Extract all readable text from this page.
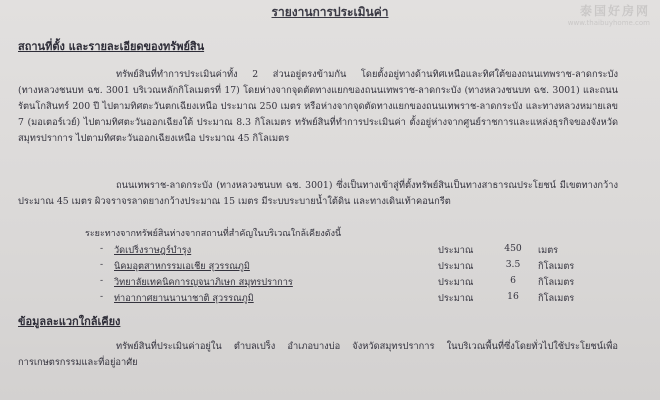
泰国好房网
www.thaibuyhome.com
รายงานการประเมินค่า
สถานที่ตั้ง และรายละเอียดของทรัพย์สิน
ทรัพย์สินที่ทำการประเมินค่าทั้ง 2 ส่วนอยู่ตรงข้ามกัน โดยตั้งอยู่ทางด้านทิศเหนือและทิศใต้ของถนนเทพราช-ลาดกระบัง (ทางหลวงชนบท ฉช. 3001 บริเวณหลักกิโลเมตรที่ 17) โดยห่างจากจุดตัดทางแยกของถนนเทพราช-ลาดกระบัง (ทางหลวงชนบท ฉช. 3001) และถนนรัตนโกสินทร์ 200 ปี ไปตามทิศตะวันตกเฉียงเหนือ ประมาณ 250 เมตร หรือห่างจากจุดตัดทางแยกของถนนเทพราช-ลาดกระบัง และทางหลวงหมายเลข 7 (มอเตอร์เวย์) ไปตามทิศตะวันออกเฉียงใต้ ประมาณ 8.3 กิโลเมตร ทรัพย์สินที่ทำการประเมินค่า ตั้งอยู่ห่างจากศูนย์ราชการและแหล่งธุรกิจของจังหวัดสมุทรปราการ ไปตามทิศตะวันออกเฉียงเหนือ ประมาณ 45 กิโลเมตร
ถนนเทพราช-ลาดกระบัง (ทางหลวงชนบท ฉช. 3001) ซึ่งเป็นทางเข้าสู่ที่ตั้งทรัพย์สินเป็นทางสาธารณประโยชน์ มีเขตทางกว้างประมาณ 45 เมตร ผิวจราจรลาดยางกว้างประมาณ 15 เมตร มีระบบระบายน้ำใต้ดิน และทางเดินเท้าคอนกรีต
ระยะทางจากทรัพย์สินห่างจากสถานที่สำคัญในบริเวณใกล้เคียงดังนี้
- วัดเปร็งราษฎร์บำรุง	ประมาณ	450	เมตร
- นิคมอุตสาหกรรมเอเชีย สุวรรณภูมิ	ประมาณ	3.5	กิโลเมตร
- วิทยาลัยเทคนิคการญจนาภิเษก สมุทรปราการ	ประมาณ	6	กิโลเมตร
- ท่าอากาศยานนานาชาติ สุวรรณภูมิ	ประมาณ	16	กิโลเมตร
ข้อมูลละแวกใกล้เคียง
ทรัพย์สินที่ประเมินค่าอยู่ใน ตำบลเปร็ง อำเภอบางบ่อ จังหวัดสมุทรปราการ ในบริเวณพื้นที่ซึ่งโดยทั่วไปใช้ประโยชน์เพื่อการเกษตรกรรมและที่อยู่อาศัย
